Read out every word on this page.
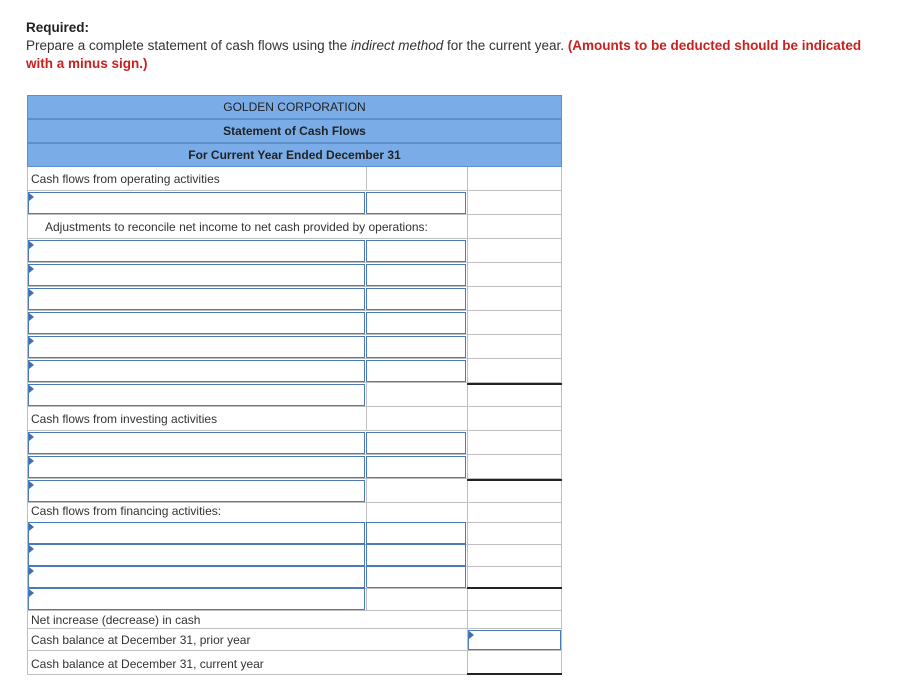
Required:
Prepare a complete statement of cash flows using the indirect method for the current year. (Amounts to be deducted should be indicated with a minus sign.)
GOLDEN CORPORATION
Statement of Cash Flows
For Current Year Ended December 31
Cash flows from operating activities
Adjustments to reconcile net income to net cash provided by operations:
Cash flows from investing activities
Cash flows from financing activities:
Net increase (decrease) in cash
Cash balance at December 31, prior year
Cash balance at December 31, current year
